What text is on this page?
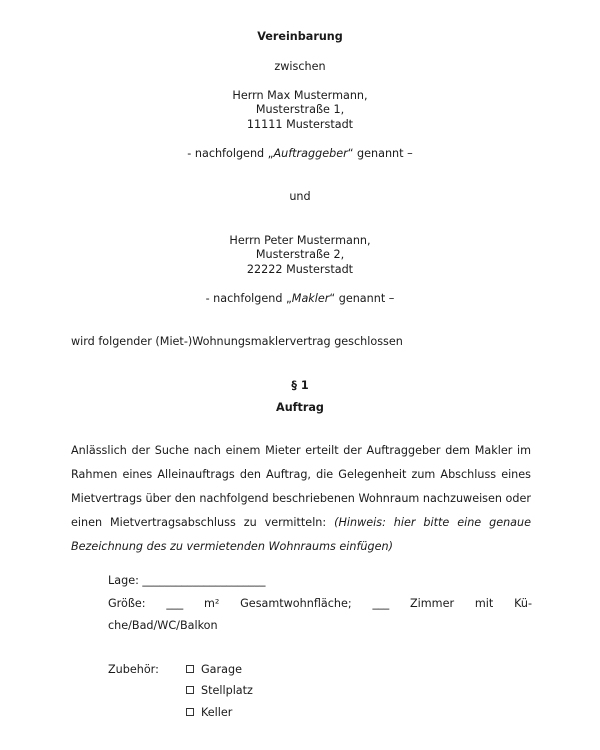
Vereinbarung

zwischen

Herrn Max Mustermann,

Musterstraße 1,

11111 Musterstadt

- nachfolgend „Auftraggeber“ genannt –

und

Herrn Peter Mustermann,

Musterstraße 2,

22222 Musterstadt

- nachfolgend „Makler“ genannt –

wird folgender (Miet-)Wohnungsmaklervertrag geschlossen

§ 1

Auftrag

Anlässlich der Suche nach einem Mieter erteilt der Auftraggeber dem Makler im Rahmen eines Alleinauftrags den Auftrag, die Gelegenheit zum Abschluss eines Mietvertrags über den nachfolgend beschriebenen Wohnraum nachzuweisen oder einen Mietvertragsabschluss zu vermitteln: (Hinweis: hier bitte eine genaue Bezeichnung des zu vermietenden Wohnraums einfügen)

Lage: ______________________

Größe: ___ m² Gesamtwohnfläche; ___ Zimmer mit Kü-

che/Bad/WC/Balkon

Zubehör:	Garage
Stellplatz
Keller
